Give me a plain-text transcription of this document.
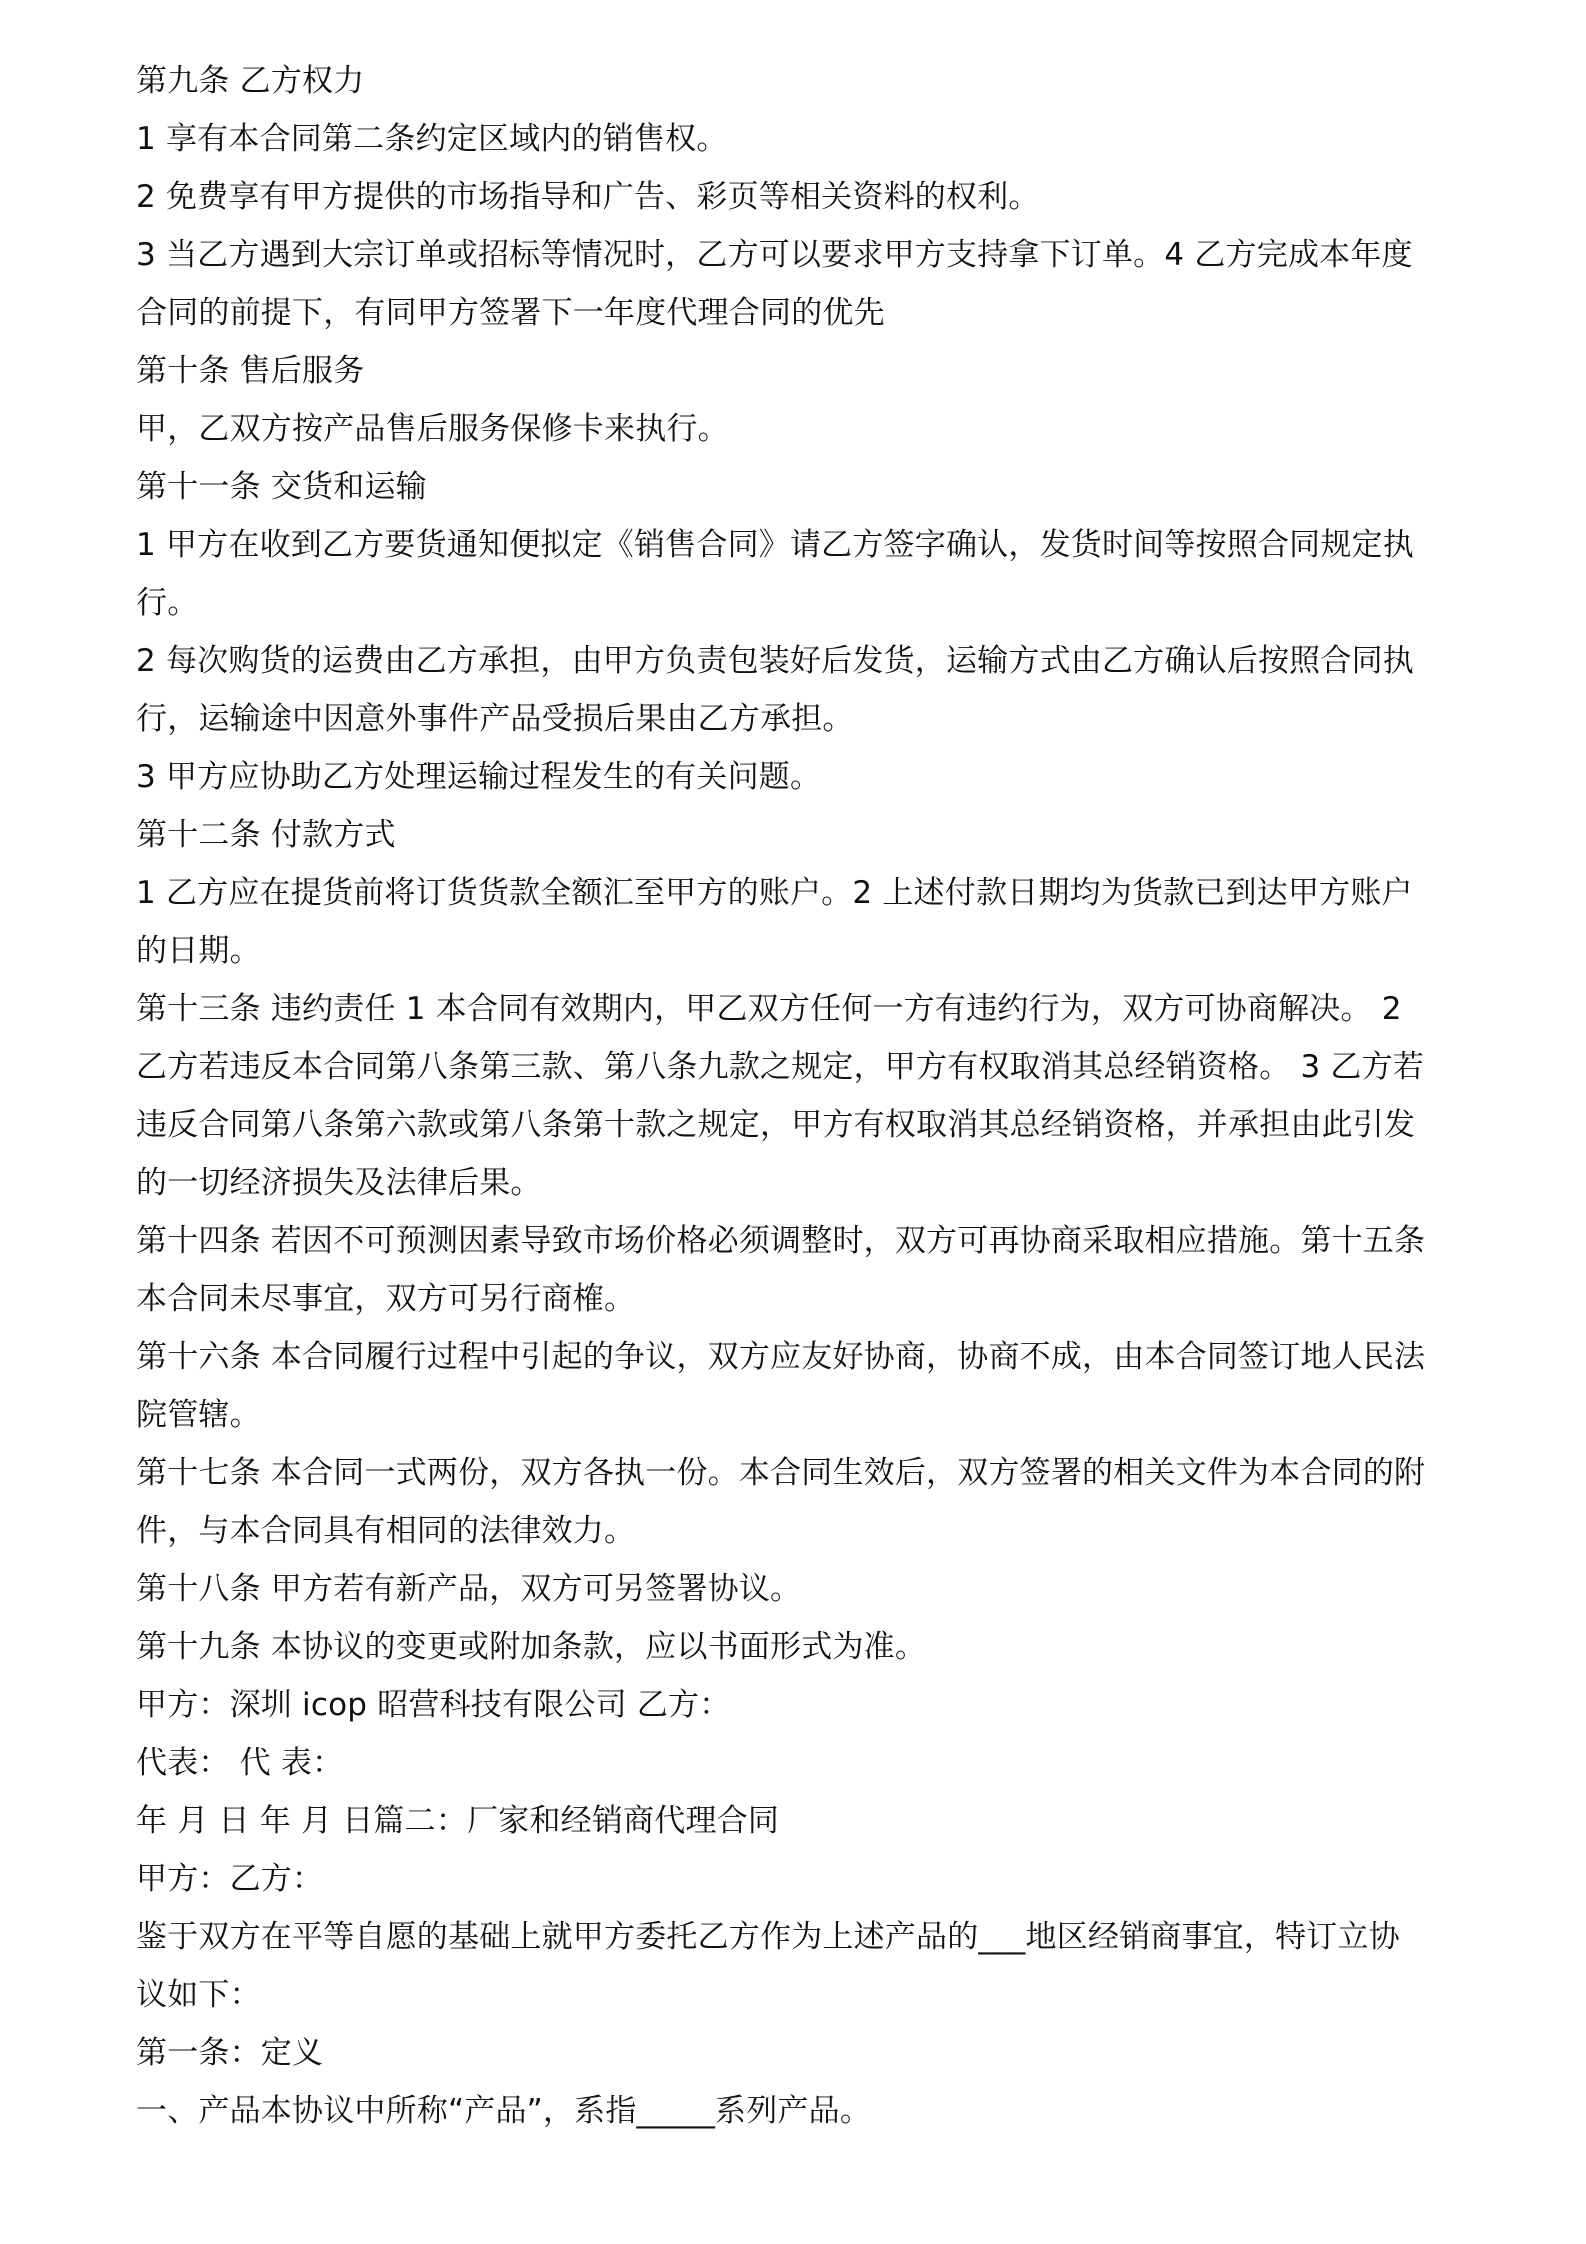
第九条 乙方权力
1 享有本合同第二条约定区域内的销售权。
2 免费享有甲方提供的市场指导和广告、彩页等相关资料的权利。
3 当乙方遇到大宗订单或招标等情况时，乙方可以要求甲方支持拿下订单。4 乙方完成本年度
合同的前提下，有同甲方签署下一年度代理合同的优先
第十条 售后服务
甲，乙双方按产品售后服务保修卡来执行。
第十一条 交货和运输
1 甲方在收到乙方要货通知便拟定《销售合同》请乙方签字确认，发货时间等按照合同规定执
行。
2 每次购货的运费由乙方承担，由甲方负责包装好后发货，运输方式由乙方确认后按照合同执
行，运输途中因意外事件产品受损后果由乙方承担。
3 甲方应协助乙方处理运输过程发生的有关问题。
第十二条 付款方式
1 乙方应在提货前将订货货款全额汇至甲方的账户。2 上述付款日期均为货款已到达甲方账户
的日期。
第十三条 违约责任 1 本合同有效期内，甲乙双方任何一方有违约行为，双方可协商解决。 2
乙方若违反本合同第八条第三款、第八条九款之规定，甲方有权取消其总经销资格。 3 乙方若
违反合同第八条第六款或第八条第十款之规定，甲方有权取消其总经销资格，并承担由此引发
的一切经济损失及法律后果。
第十四条 若因不可预测因素导致市场价格必须调整时，双方可再协商采取相应措施。第十五条
本合同未尽事宜，双方可另行商榷。
第十六条 本合同履行过程中引起的争议，双方应友好协商，协商不成，由本合同签订地人民法
院管辖。
第十七条 本合同一式两份，双方各执一份。本合同生效后，双方签署的相关文件为本合同的附
件，与本合同具有相同的法律效力。
第十八条 甲方若有新产品，双方可另签署协议。
第十九条 本协议的变更或附加条款，应以书面形式为准。
甲方：深圳 icop 昭营科技有限公司 乙方：
代表： 代 表：
年 月 日 年 月 日篇二：厂家和经销商代理合同
甲方：乙方：
鉴于双方在平等自愿的基础上就甲方委托乙方作为上述产品的___地区经销商事宜，特订立协
议如下：
第一条：定义
一、产品本协议中所称“产品”，系指_____系列产品。
